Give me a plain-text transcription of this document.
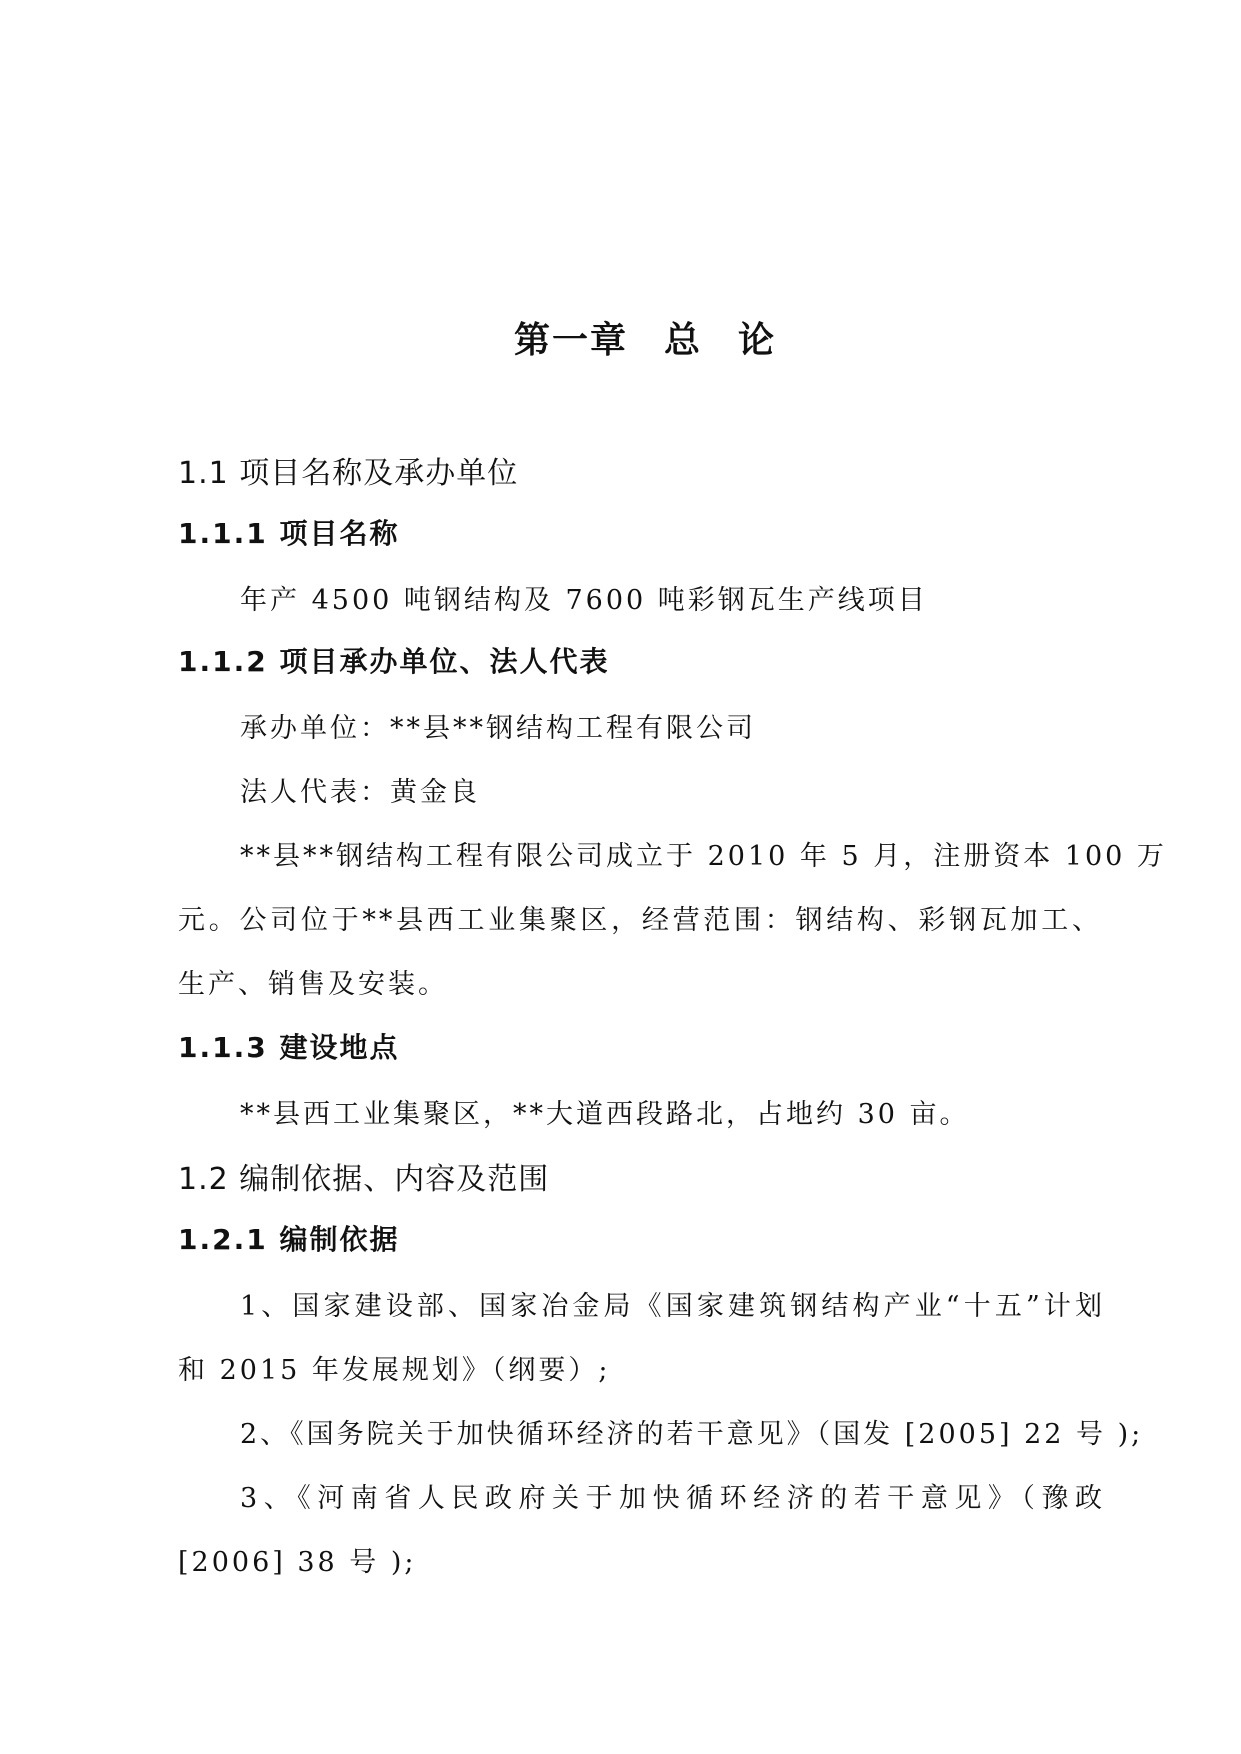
第一章 总 论
1.1 项目名称及承办单位
1.1.1 项目名称
年产 4500 吨钢结构及 7600 吨彩钢瓦生产线项目
1.1.2 项目承办单位、法人代表
承办单位：**县**钢结构工程有限公司
法人代表：黄金良
**县**钢结构工程有限公司成立于 2010 年 5 月，注册资本 100 万
元。公司位于**县西工业集聚区，经营范围：钢结构、彩钢瓦加工、
生产、销售及安装。
1.1.3 建设地点
**县西工业集聚区，**大道西段路北，占地约 30 亩。
1.2 编制依据、内容及范围
1.2.1 编制依据
1、国家建设部、国家冶金局《国家建筑钢结构产业“十五”计划
和 2015 年发展规划》（纲要）;
2、《国务院关于加快循环经济的若干意见》（国发 [2005] 22 号 );
3、《河南省人民政府关于加快循环经济的若干意见》（豫政
[2006] 38 号 );
